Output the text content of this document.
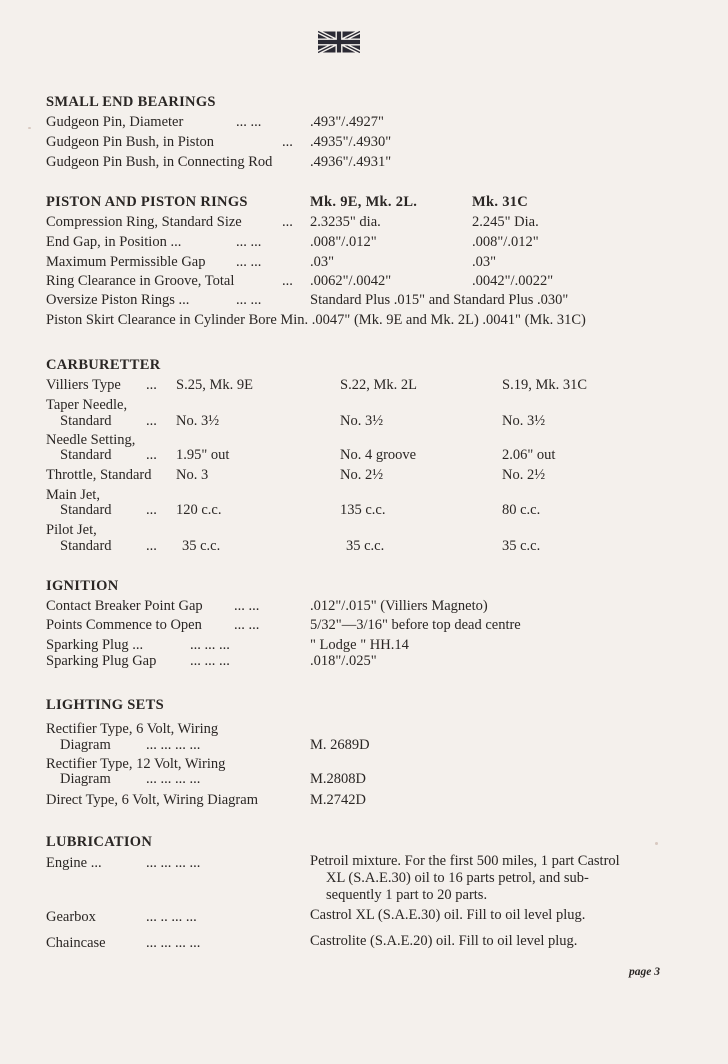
SMALL END BEARINGS
Gudgeon Pin, Diameter	... ...	.493"/.4927"
Gudgeon Pin Bush, in Piston	... .4935"/.4930"
Gudgeon Pin Bush, in Connecting Rod	.4936"/.4931"
PISTON AND PISTON RINGS	Mk. 9E, Mk. 2L.	Mk. 31C
Compression Ring, Standard Size	... 2.3235" dia.	2.245" Dia.
End Gap, in Position ...	... ...	.008"/.012"	.008"/.012"
Maximum Permissible Gap ... ...	.03"	.03"
Ring Clearance in Groove, Total	... .0062"/.0042"	.0042"/.0022"
Oversize Piston Rings ...	... ...	Standard Plus .015" and Standard Plus .030"
Piston Skirt Clearance in Cylinder Bore Min. .0047" (Mk. 9E and Mk. 2L) .0041" (Mk. 31C)
CARBURETTER
Villiers Type ... S.25, Mk. 9E	S.22, Mk. 2L	S.19, Mk. 31C
Taper Needle,
Standard ... No. 3½	No. 3½	No. 3½
Needle Setting,
Standard ... 1.95" out	No. 4 groove	2.06" out
Throttle, Standard No. 3	No. 2½	No. 2½
Main Jet,
Standard ... 120 c.c.	135 c.c.	80 c.c.
Pilot Jet,
Standard ... 35 c.c.	35 c.c.	35 c.c.
IGNITION
Contact Breaker Point Gap ... ...	.012"/.015" (Villiers Magneto)
Points Commence to Open ... ...	5/32"—3/16" before top dead centre
Sparking Plug ...	... ... ...	" Lodge " HH.14
Sparking Plug Gap ... ... ...	.018"/.025"
LIGHTING SETS
Rectifier Type, 6 Volt, Wiring
Diagram ... ... ... ...	M. 2689D
Rectifier Type, 12 Volt, Wiring
Diagram ... ... ... ...	M.2808D
Direct Type, 6 Volt, Wiring Diagram	M.2742D
LUBRICATION
Engine ...	... ... ... ...	Petroil mixture. For the first 500 miles, 1 part Castrol
XL (S.A.E.30) oil to 16 parts petrol, and sub-
sequently 1 part to 20 parts.
Gearbox	... .. ... ...	Castrol XL (S.A.E.30) oil. Fill to oil level plug.
Chaincase	... ... ... ...	Castrolite (S.A.E.20) oil. Fill to oil level plug.
page 3
